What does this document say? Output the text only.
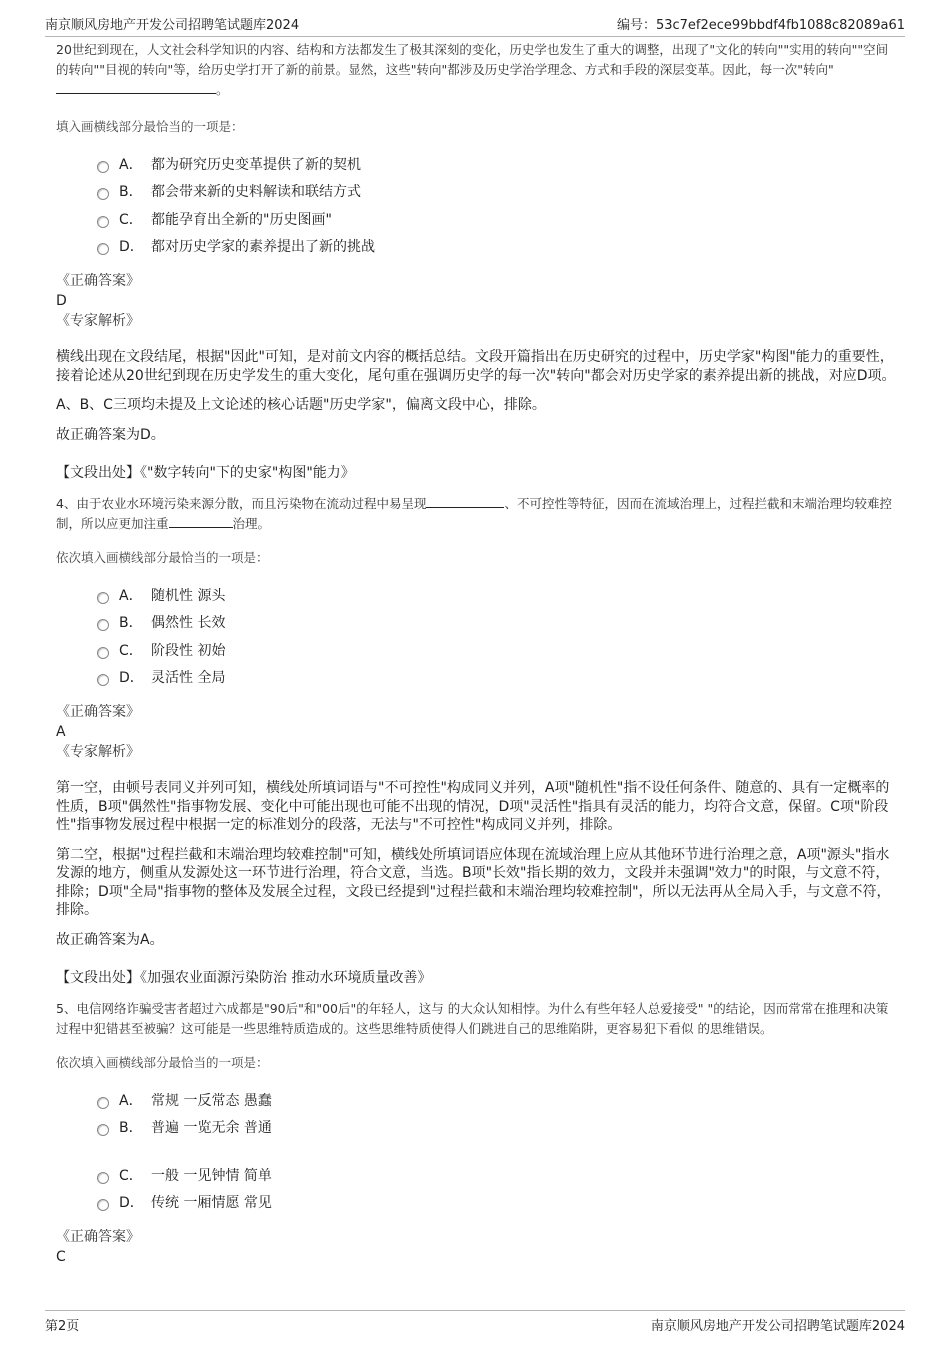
南京顺风房地产开发公司招聘笔试题库2024	编号：53c7ef2ece99bbdf4fb1088c82089a61

20世纪到现在，人文社会科学知识的内容、结构和方法都发生了极其深刻的变化，历史学也发生了重大的调整，出现了"文化的转向""实用的转向""空间的转向""目视的转向"等，给历史学打开了新的前景。显然，这些"转向"都涉及历史学治学理念、方式和手段的深层变革。因此，每一次"转向" 。

填入画横线部分最恰当的一项是：
A． 都为研究历史变革提供了新的契机
B． 都会带来新的史料解读和联结方式
C． 都能孕育出全新的"历史图画"
D． 都对历史学家的素养提出了新的挑战
《正确答案》
D
《专家解析》

横线出现在文段结尾，根据"因此"可知，是对前文内容的概括总结。文段开篇指出在历史研究的过程中，历史学家"构图"能力的重要性，接着论述从20世纪到现在历史学发生的重大变化，尾句重在强调历史学的每一次"转向"都会对历史学家的素养提出新的挑战，对应D项。

A、B、C三项均未提及上文论述的核心话题"历史学家"，偏离文段中心，排除。

故正确答案为D。

【文段出处】《"数字转向"下的史家"构图"能力》

4、由于农业水环境污染来源分散，而且污染物在流动过程中易呈现	、不可控性等特征，因而在流域治理上，过程拦截和末端治理均较难控制，所以应更加注重	治理。

依次填入画横线部分最恰当的一项是：
A． 随机性 源头
B． 偶然性 长效
C． 阶段性 初始
D． 灵活性 全局
《正确答案》
A
《专家解析》

第一空，由顿号表同义并列可知，横线处所填词语与"不可控性"构成同义并列，A项"随机性"指不设任何条件、随意的、具有一定概率的性质，B项"偶然性"指事物发展、变化中可能出现也可能不出现的情况，D项"灵活性"指具有灵活的能力，均符合文意，保留。C项"阶段性"指事物发展过程中根据一定的标准划分的段落，无法与"不可控性"构成同义并列，排除。

第二空，根据"过程拦截和末端治理均较难控制"可知，横线处所填词语应体现在流域治理上应从其他环节进行治理之意，A项"源头"指水发源的地方，侧重从发源处这一环节进行治理，符合文意，当选。B项"长效"指长期的效力，文段并未强调"效力"的时限，与文意不符，排除；D项"全局"指事物的整体及发展全过程，文段已经提到"过程拦截和末端治理均较难控制"，所以无法再从全局入手，与文意不符，排除。

故正确答案为A。

【文段出处】《加强农业面源污染防治 推动水环境质量改善》

5、电信网络诈骗受害者超过六成都是"90后"和"00后"的年轻人，这与 的大众认知相悖。为什么有些年轻人总爱接受" "的结论，因而常常在推理和决策过程中犯错甚至被骗？这可能是一些思维特质造成的。这些思维特质使得人们跳进自己的思维陷阱，更容易犯下看似 的思维错误。

依次填入画横线部分最恰当的一项是：
A． 常规 一反常态 愚蠢
B． 普遍 一览无余 普通
C． 一般 一见钟情 简单
D． 传统 一厢情愿 常见
《正确答案》
C
第2页	南京顺风房地产开发公司招聘笔试题库2024
